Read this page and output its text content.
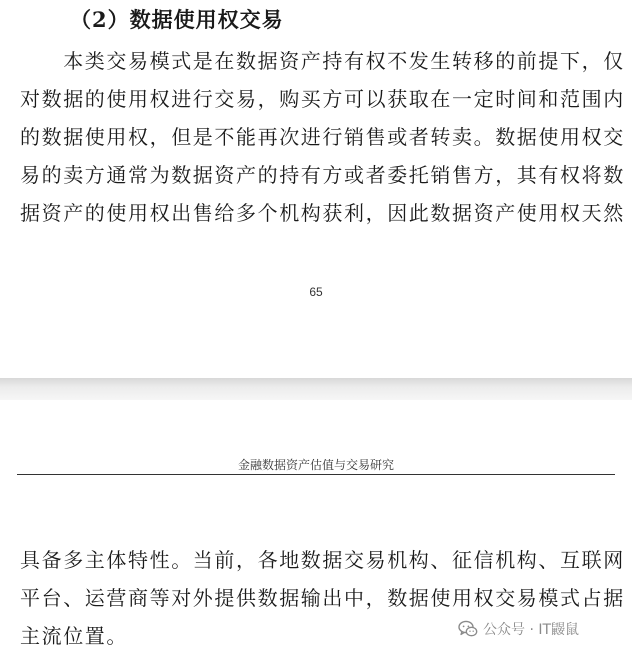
（2）数据使用权交易
　　本类交易模式是在数据资产持有权不发生转移的前提下，仅
对数据的使用权进行交易，购买方可以获取在一定时间和范围内
的数据使用权，但是不能再次进行销售或者转卖。数据使用权交
易的卖方通常为数据资产的持有方或者委托销售方，其有权将数
据资产的使用权出售给多个机构获利，因此数据资产使用权天然
65
金融数据资产估值与交易研究
具备多主体特性。当前，各地数据交易机构、征信机构、互联网
平台、运营商等对外提供数据输出中，数据使用权交易模式占据
主流位置。	公众号 · IT鼹鼠
